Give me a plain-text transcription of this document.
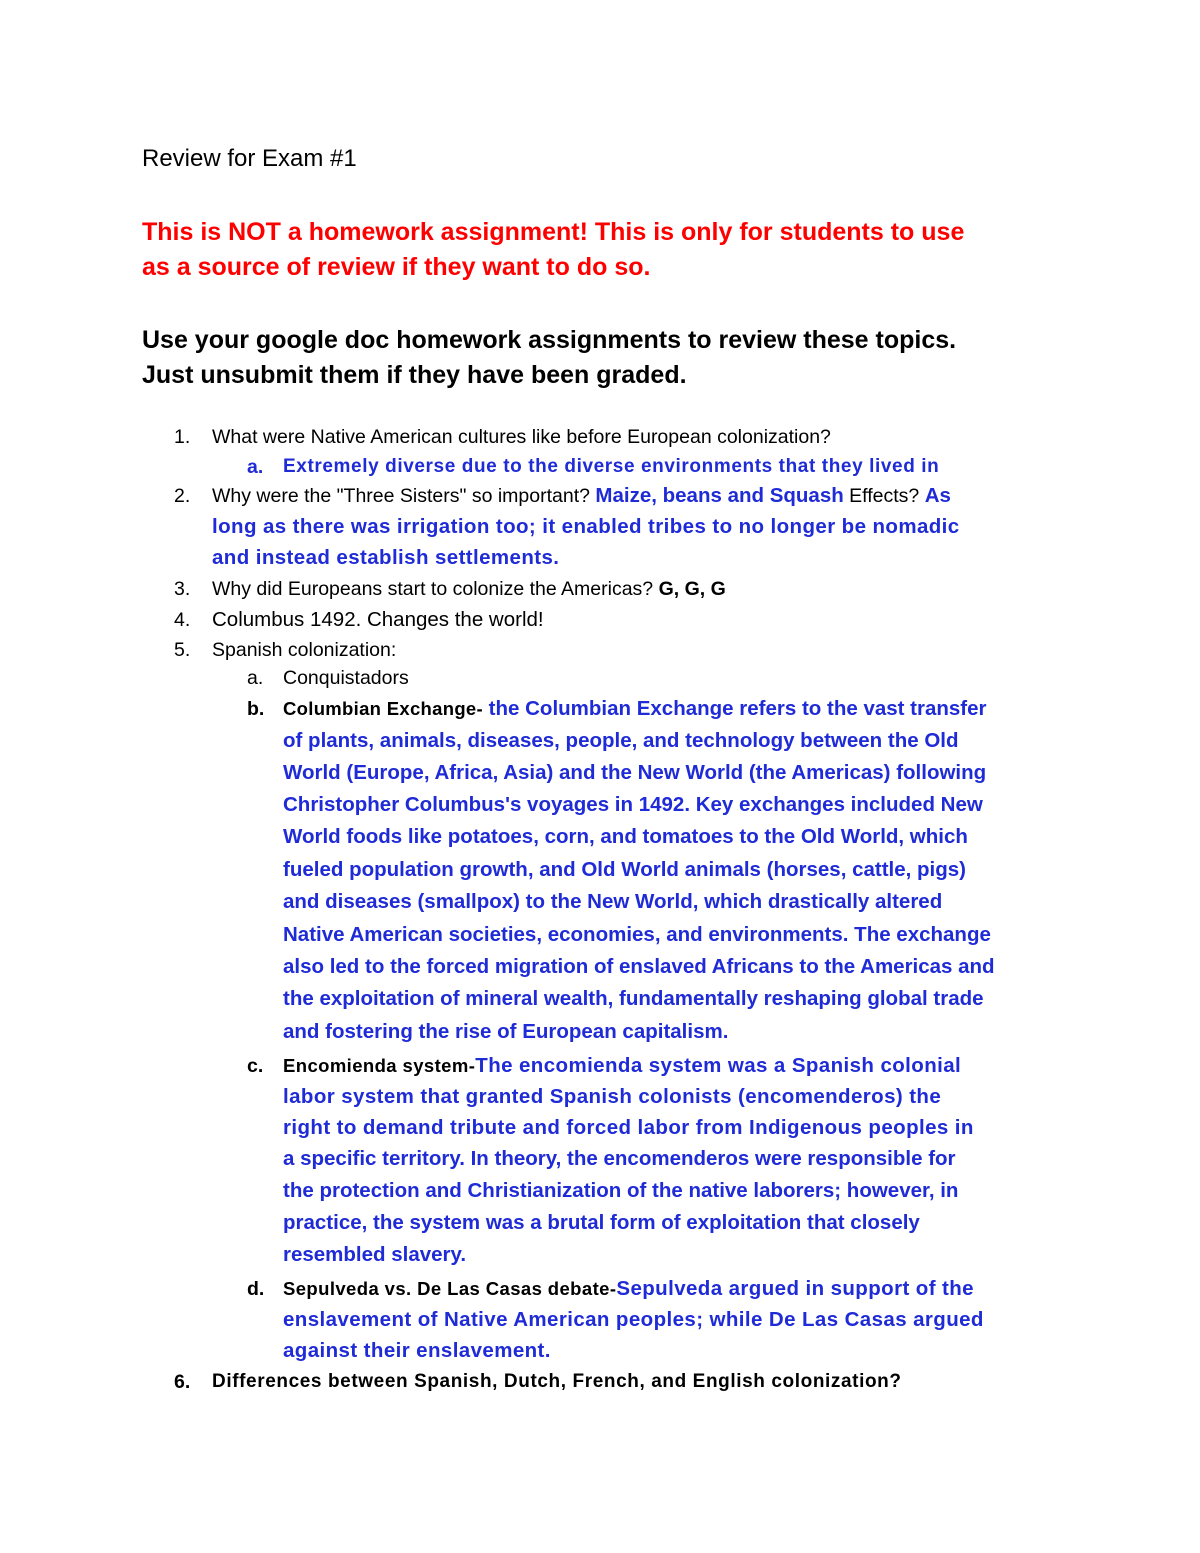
Review for Exam #1
This is NOT a homework assignment! This is only for students to use
as a source of review if they want to do so.
Use your google doc homework assignments to review these topics.
Just unsubmit them if they have been graded.
1. What were Native American cultures like before European colonization?
a. Extremely diverse due to the diverse environments that they lived in
2. Why were the "Three Sisters" so important? Maize, beans and Squash Effects? As
long as there was irrigation too; it enabled tribes to no longer be nomadic
and instead establish settlements.
3. Why did Europeans start to colonize the Americas? G, G, G
4. Columbus 1492. Changes the world!
5. Spanish colonization:
a. Conquistadors
b. Columbian Exchange- the Columbian Exchange refers to the vast transfer
of plants, animals, diseases, people, and technology between the Old
World (Europe, Africa, Asia) and the New World (the Americas) following
Christopher Columbus's voyages in 1492. Key exchanges included New
World foods like potatoes, corn, and tomatoes to the Old World, which
fueled population growth, and Old World animals (horses, cattle, pigs)
and diseases (smallpox) to the New World, which drastically altered
Native American societies, economies, and environments. The exchange
also led to the forced migration of enslaved Africans to the Americas and
the exploitation of mineral wealth, fundamentally reshaping global trade
and fostering the rise of European capitalism.
c. Encomienda system-The encomienda system was a Spanish colonial
labor system that granted Spanish colonists (encomenderos) the
right to demand tribute and forced labor from Indigenous peoples in
a specific territory. In theory, the encomenderos were responsible for
the protection and Christianization of the native laborers; however, in
practice, the system was a brutal form of exploitation that closely
resembled slavery.
d. Sepulveda vs. De Las Casas debate-Sepulveda argued in support of the
enslavement of Native American peoples; while De Las Casas argued
against their enslavement.
6. Differences between Spanish, Dutch, French, and English colonization?
